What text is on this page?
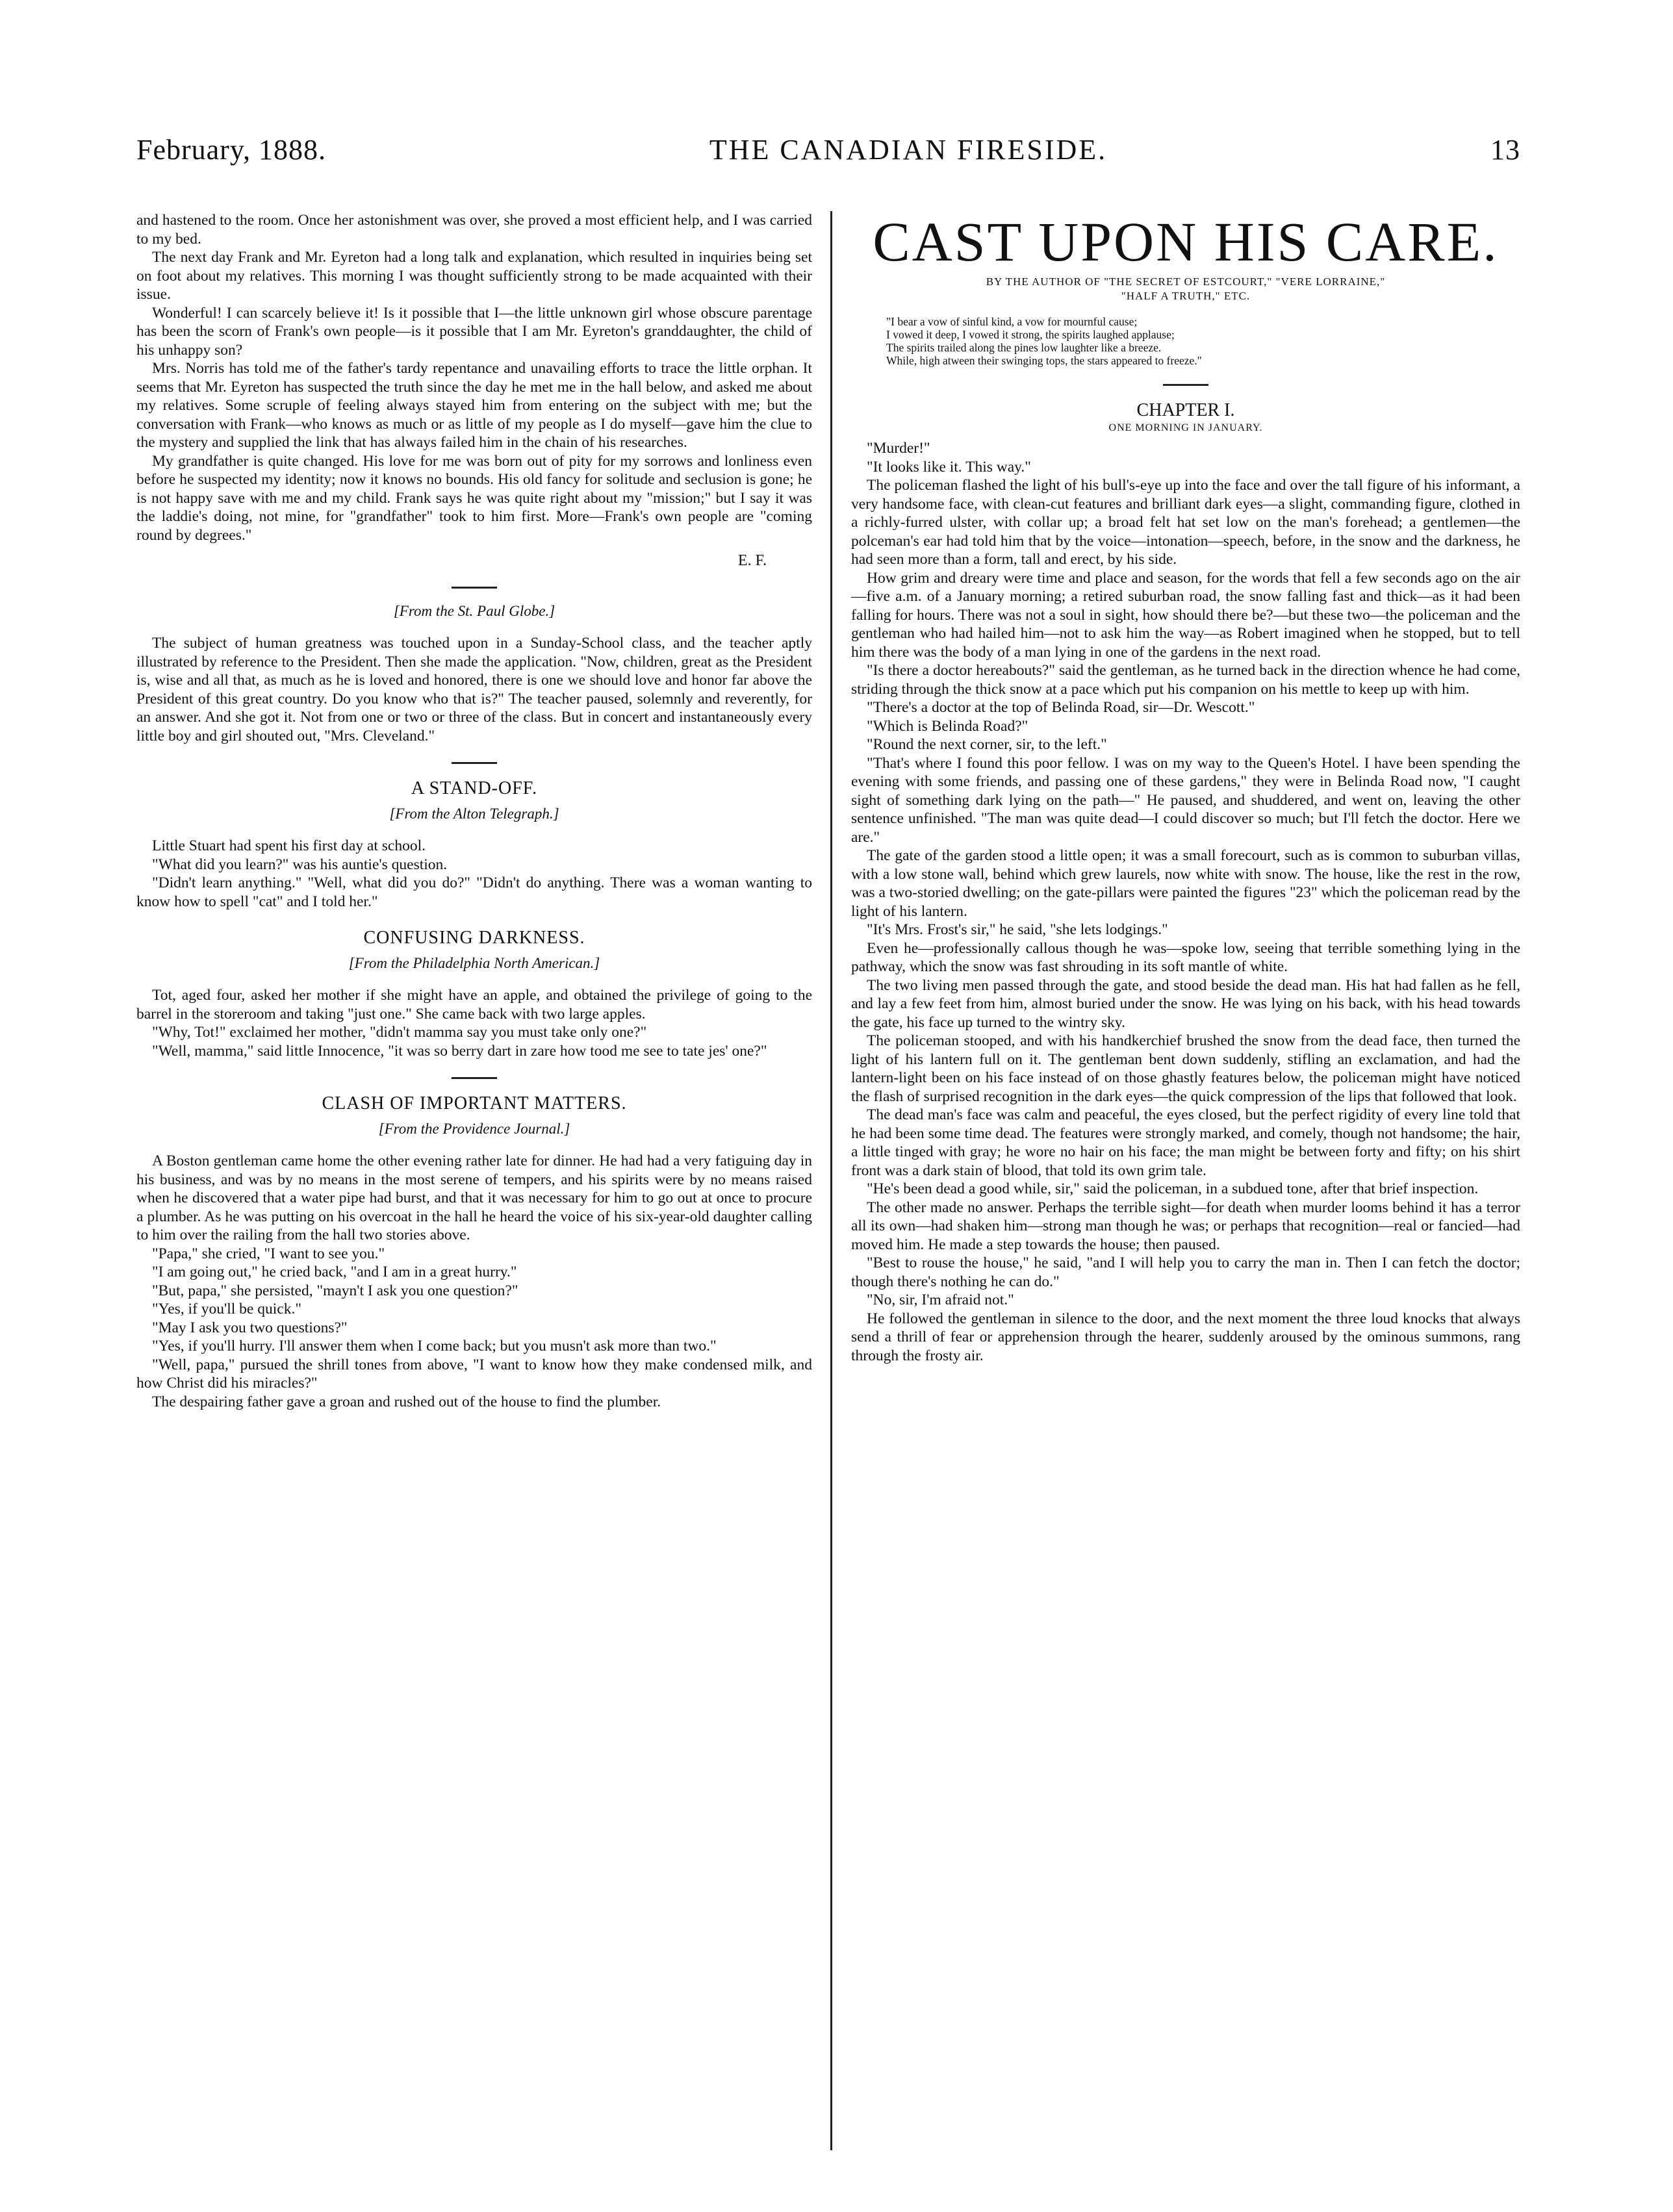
February, 1888.	THE CANADIAN FIRESIDE.	13

and hastened to the room. Once her astonishment was over, she proved a most efficient help, and I was carried to my bed.

The next day Frank and Mr. Eyreton had a long talk and explanation, which resulted in inquiries being set on foot about my relatives. This morning I was thought sufficiently strong to be made acquainted with their issue.

Wonderful! I can scarcely believe it! Is it possible that I—the little unknown girl whose obscure parentage has been the scorn of Frank's own people—is it possible that I am Mr. Eyreton's granddaughter, the child of his unhappy son?

Mrs. Norris has told me of the father's tardy repentance and unavailing efforts to trace the little orphan. It seems that Mr. Eyreton has suspected the truth since the day he met me in the hall below, and asked me about my relatives. Some scruple of feeling always stayed him from entering on the subject with me; but the conversation with Frank—who knows as much or as little of my people as I do myself—gave him the clue to the mystery and supplied the link that has always failed him in the chain of his researches.

My grandfather is quite changed. His love for me was born out of pity for my sorrows and lonliness even before he suspected my identity; now it knows no bounds. His old fancy for solitude and seclusion is gone; he is not happy save with me and my child. Frank says he was quite right about my "mission;" but I say it was the laddie's doing, not mine, for "grandfather" took to him first. More—Frank's own people are "coming round by degrees."

E. F.
[From the St. Paul Globe.]

The subject of human greatness was touched upon in a Sunday-School class, and the teacher aptly illustrated by reference to the President. Then she made the application. "Now, children, great as the President is, wise and all that, as much as he is loved and honored, there is one we should love and honor far above the President of this great country. Do you know who that is?" The teacher paused, solemnly and reverently, for an answer. And she got it. Not from one or two or three of the class. But in concert and instantaneously every little boy and girl shouted out, "Mrs. Cleveland."

A STAND-OFF.
[From the Alton Telegraph.]

Little Stuart had spent his first day at school.

"What did you learn?" was his auntie's question.

"Didn't learn anything." "Well, what did you do?" "Didn't do anything. There was a woman wanting to know how to spell "cat" and I told her."

CONFUSING DARKNESS.
[From the Philadelphia North American.]

Tot, aged four, asked her mother if she might have an apple, and obtained the privilege of going to the barrel in the storeroom and taking "just one." She came back with two large apples.

"Why, Tot!" exclaimed her mother, "didn't mamma say you must take only one?"

"Well, mamma," said little Innocence, "it was so berry dart in zare how tood me see to tate jes' one?"

CLASH OF IMPORTANT MATTERS.
[From the Providence Journal.]

A Boston gentleman came home the other evening rather late for dinner. He had had a very fatiguing day in his business, and was by no means in the most serene of tempers, and his spirits were by no means raised when he discovered that a water pipe had burst, and that it was necessary for him to go out at once to procure a plumber. As he was putting on his overcoat in the hall he heard the voice of his six-year-old daughter calling to him over the railing from the hall two stories above.

"Papa," she cried, "I want to see you."

"I am going out," he cried back, "and I am in a great hurry."

"But, papa," she persisted, "mayn't I ask you one question?"

"Yes, if you'll be quick."

"May I ask you two questions?"

"Yes, if you'll hurry. I'll answer them when I come back; but you musn't ask more than two."

"Well, papa," pursued the shrill tones from above, "I want to know how they make condensed milk, and how Christ did his miracles?"

The despairing father gave a groan and rushed out of the house to find the plumber.

CAST UPON HIS CARE.
BY THE AUTHOR OF "THE SECRET OF ESTCOURT," "VERE LORRAINE,"
"HALF A TRUTH," ETC.
"I bear a vow of sinful kind, a vow for mournful cause;
I vowed it deep, I vowed it strong, the spirits laughed applause;
The spirits trailed along the pines low laughter like a breeze.
While, high atween their swinging tops, the stars appeared to freeze."
CHAPTER I.
ONE MORNING IN JANUARY.

"Murder!"

"It looks like it. This way."

The policeman flashed the light of his bull's-eye up into the face and over the tall figure of his informant, a very handsome face, with clean-cut features and brilliant dark eyes—a slight, commanding figure, clothed in a richly-furred ulster, with collar up; a broad felt hat set low on the man's forehead; a gentlemen—the polceman's ear had told him that by the voice—intonation—speech, before, in the snow and the darkness, he had seen more than a form, tall and erect, by his side.

How grim and dreary were time and place and season, for the words that fell a few seconds ago on the air—five a.m. of a January morning; a retired suburban road, the snow falling fast and thick—as it had been falling for hours. There was not a soul in sight, how should there be?—but these two—the policeman and the gentleman who had hailed him—not to ask him the way—as Robert imagined when he stopped, but to tell him there was the body of a man lying in one of the gardens in the next road.

"Is there a doctor hereabouts?" said the gentleman, as he turned back in the direction whence he had come, striding through the thick snow at a pace which put his companion on his mettle to keep up with him.

"There's a doctor at the top of Belinda Road, sir—Dr. Wescott."

"Which is Belinda Road?"

"Round the next corner, sir, to the left."

"That's where I found this poor fellow. I was on my way to the Queen's Hotel. I have been spending the evening with some friends, and passing one of these gardens," they were in Belinda Road now, "I caught sight of something dark lying on the path—" He paused, and shuddered, and went on, leaving the other sentence unfinished. "The man was quite dead—I could discover so much; but I'll fetch the doctor. Here we are."

The gate of the garden stood a little open; it was a small forecourt, such as is common to suburban villas, with a low stone wall, behind which grew laurels, now white with snow. The house, like the rest in the row, was a two-storied dwelling; on the gate-pillars were painted the figures "23" which the policeman read by the light of his lantern.

"It's Mrs. Frost's sir," he said, "she lets lodgings."

Even he—professionally callous though he was—spoke low, seeing that terrible something lying in the pathway, which the snow was fast shrouding in its soft mantle of white.

The two living men passed through the gate, and stood beside the dead man. His hat had fallen as he fell, and lay a few feet from him, almost buried under the snow. He was lying on his back, with his head towards the gate, his face up turned to the wintry sky.

The policeman stooped, and with his handkerchief brushed the snow from the dead face, then turned the light of his lantern full on it. The gentleman bent down suddenly, stifling an exclamation, and had the lantern-light been on his face instead of on those ghastly features below, the policeman might have noticed the flash of surprised recognition in the dark eyes—the quick compression of the lips that followed that look.

The dead man's face was calm and peaceful, the eyes closed, but the perfect rigidity of every line told that he had been some time dead. The features were strongly marked, and comely, though not handsome; the hair, a little tinged with gray; he wore no hair on his face; the man might be between forty and fifty; on his shirt front was a dark stain of blood, that told its own grim tale.

"He's been dead a good while, sir," said the policeman, in a subdued tone, after that brief inspection.

The other made no answer. Perhaps the terrible sight—for death when murder looms behind it has a terror all its own—had shaken him—strong man though he was; or perhaps that recognition—real or fancied—had moved him. He made a step towards the house; then paused.

"Best to rouse the house," he said, "and I will help you to carry the man in. Then I can fetch the doctor; though there's nothing he can do."

"No, sir, I'm afraid not."

He followed the gentleman in silence to the door, and the next moment the three loud knocks that always send a thrill of fear or apprehension through the hearer, suddenly aroused by the ominous summons, rang through the frosty air.
